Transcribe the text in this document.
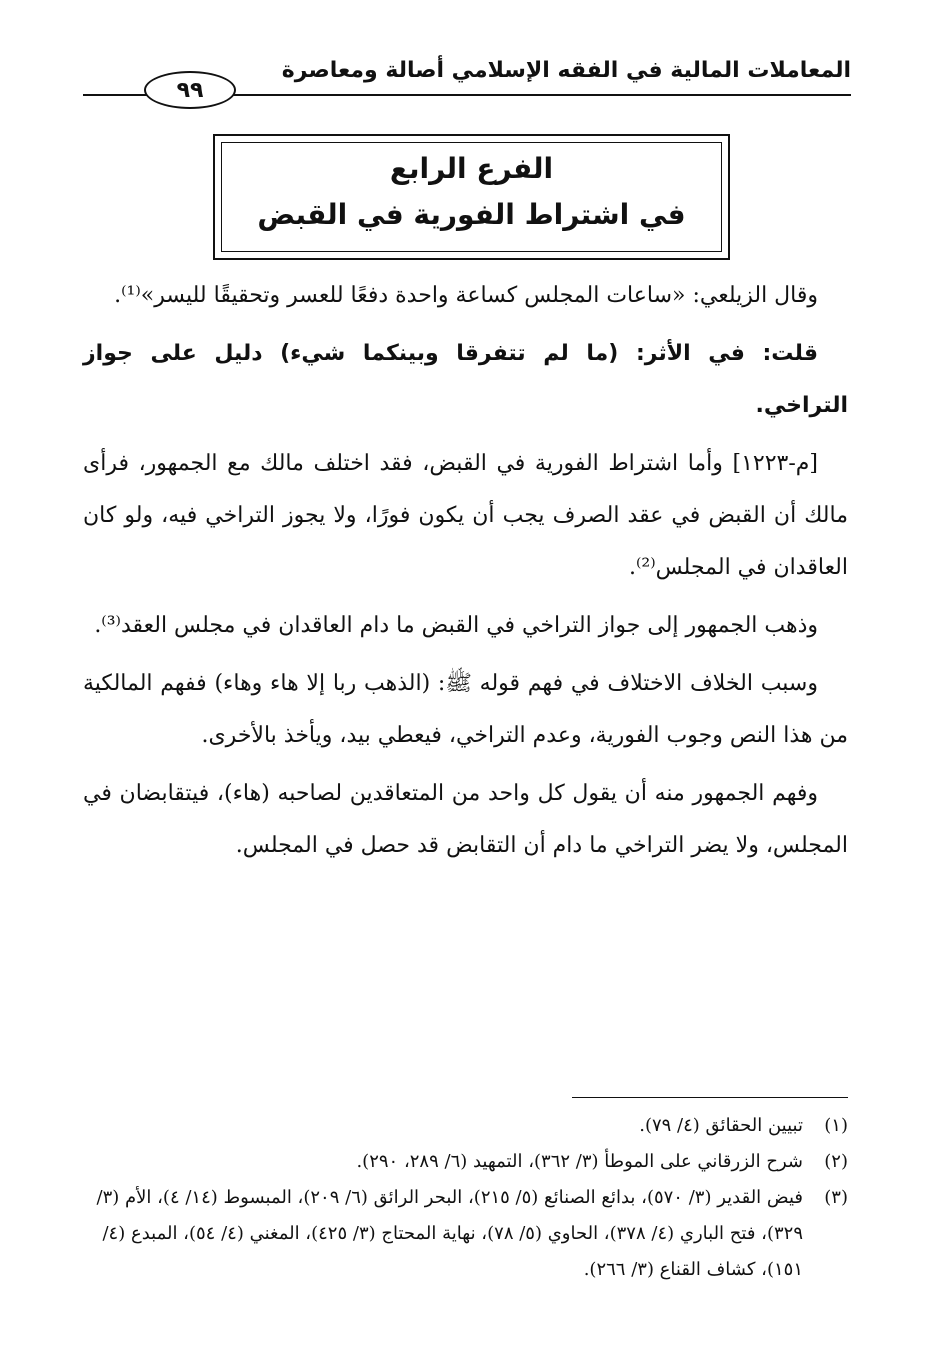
المعاملات المالية في الفقه الإسلامي أصالة ومعاصرة
٩٩
الفرع الرابع
في اشتراط الفورية في القبض

وقال الزيلعي: «ساعات المجلس كساعة واحدة دفعًا للعسر وتحقيقًا لليسر»⁽¹⁾.

قلت: في الأثر: (ما لم تتفرقا وبينكما شيء) دليل على جواز التراخي.

[م-١٢٢٣] وأما اشتراط الفورية في القبض، فقد اختلف مالك مع الجمهور، فرأى مالك أن القبض في عقد الصرف يجب أن يكون فورًا، ولا يجوز التراخي فيه، ولو كان العاقدان في المجلس⁽²⁾.

وذهب الجمهور إلى جواز التراخي في القبض ما دام العاقدان في مجلس العقد⁽³⁾.

وسبب الخلاف الاختلاف في فهم قوله ﷺ: (الذهب ربا إلا هاء وهاء) ففهم المالكية من هذا النص وجوب الفورية، وعدم التراخي، فيعطي بيد، ويأخذ بالأخرى.

وفهم الجمهور منه أن يقول كل واحد من المتعاقدين لصاحبه (هاء)، فيتقابضان في المجلس، ولا يضر التراخي ما دام أن التقابض قد حصل في المجلس.

(١)
تبيين الحقائق (٤/ ٧٩).

(٢)
شرح الزرقاني على الموطأ (٣/ ٣٦٢)، التمهيد (٦/ ٢٨٩، ٢٩٠).

(٣)
فيض القدير (٣/ ٥٧٠)، بدائع الصنائع (٥/ ٢١٥)، البحر الرائق (٦/ ٢٠٩)، المبسوط (١٤/ ٤)، الأم (٣/ ٣٢٩)، فتح الباري (٤/ ٣٧٨)، الحاوي (٥/ ٧٨)، نهاية المحتاج (٣/ ٤٢٥)، المغني (٤/ ٥٤)، المبدع (٤/ ١٥١)، كشاف القناع (٣/ ٢٦٦).
